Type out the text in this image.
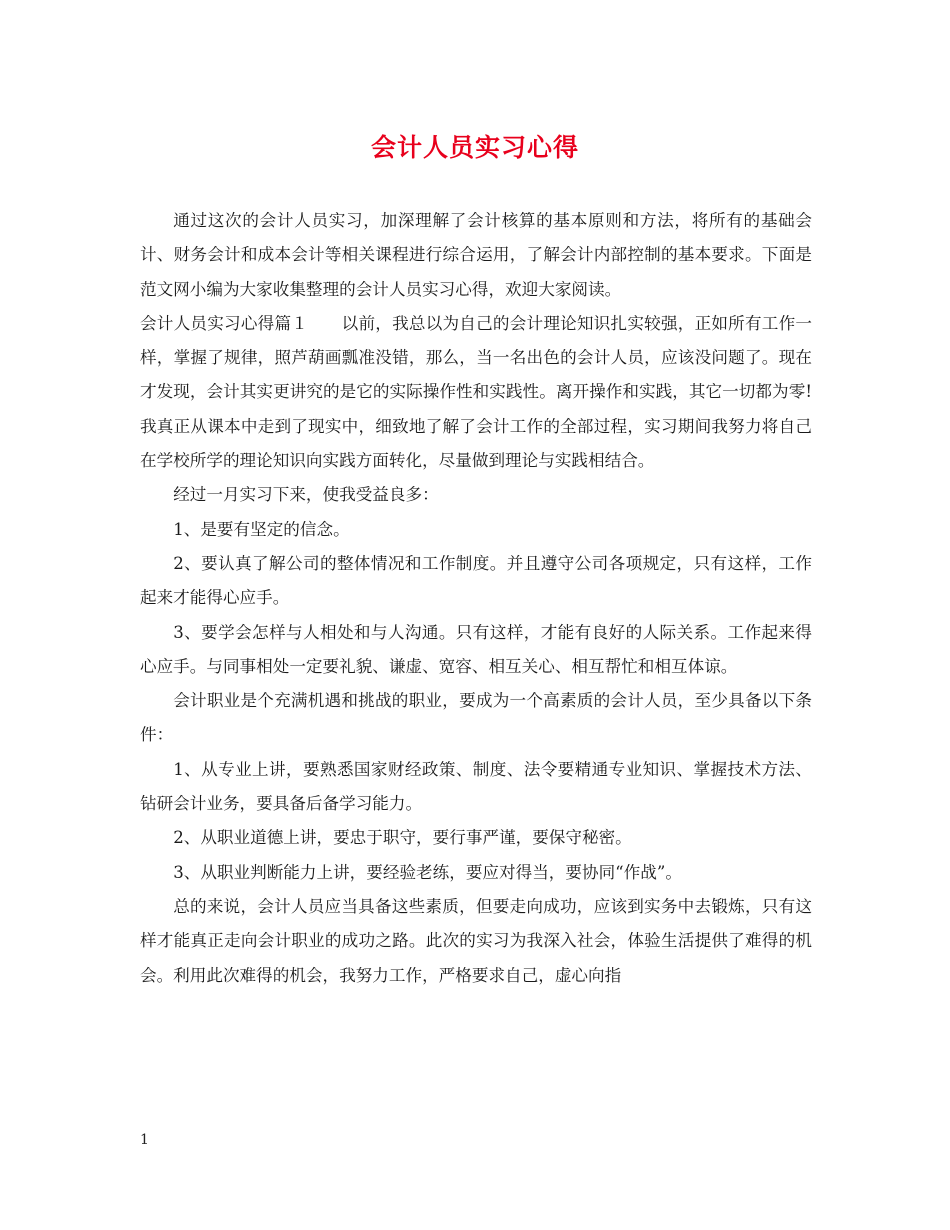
会计人员实习心得

通过这次的会计人员实习，加深理解了会计核算的基本原则和方法，将所有的基础会计、财务会计和成本会计等相关课程进行综合运用，了解会计内部控制的基本要求。下面是范文网小编为大家收集整理的会计人员实习心得，欢迎大家阅读。

会计人员实习心得篇１　　以前，我总以为自己的会计理论知识扎实较强，正如所有工作一样，掌握了规律，照芦葫画瓢准没错，那么，当一名出色的会计人员，应该没问题了。现在才发现，会计其实更讲究的是它的实际操作性和实践性。离开操作和实践，其它一切都为零!我真正从课本中走到了现实中，细致地了解了会计工作的全部过程，实习期间我努力将自己在学校所学的理论知识向实践方面转化，尽量做到理论与实践相结合。

经过一月实习下来，使我受益良多：

1、是要有坚定的信念。

2、要认真了解公司的整体情况和工作制度。并且遵守公司各项规定，只有这样，工作起来才能得心应手。

3、要学会怎样与人相处和与人沟通。只有这样，才能有良好的人际关系。工作起来得心应手。与同事相处一定要礼貌、谦虚、宽容、相互关心、相互帮忙和相互体谅。

会计职业是个充满机遇和挑战的职业，要成为一个高素质的会计人员，至少具备以下条件：

1、从专业上讲，要熟悉国家财经政策、制度、法令要精通专业知识、掌握技术方法、钻研会计业务，要具备后备学习能力。

2、从职业道德上讲，要忠于职守，要行事严谨，要保守秘密。

3、从职业判断能力上讲，要经验老练，要应对得当，要协同“作战”。

总的来说，会计人员应当具备这些素质，但要走向成功，应该到实务中去锻炼，只有这样才能真正走向会计职业的成功之路。此次的实习为我深入社会，体验生活提供了难得的机会。利用此次难得的机会，我努力工作，严格要求自己，虚心向指

1
